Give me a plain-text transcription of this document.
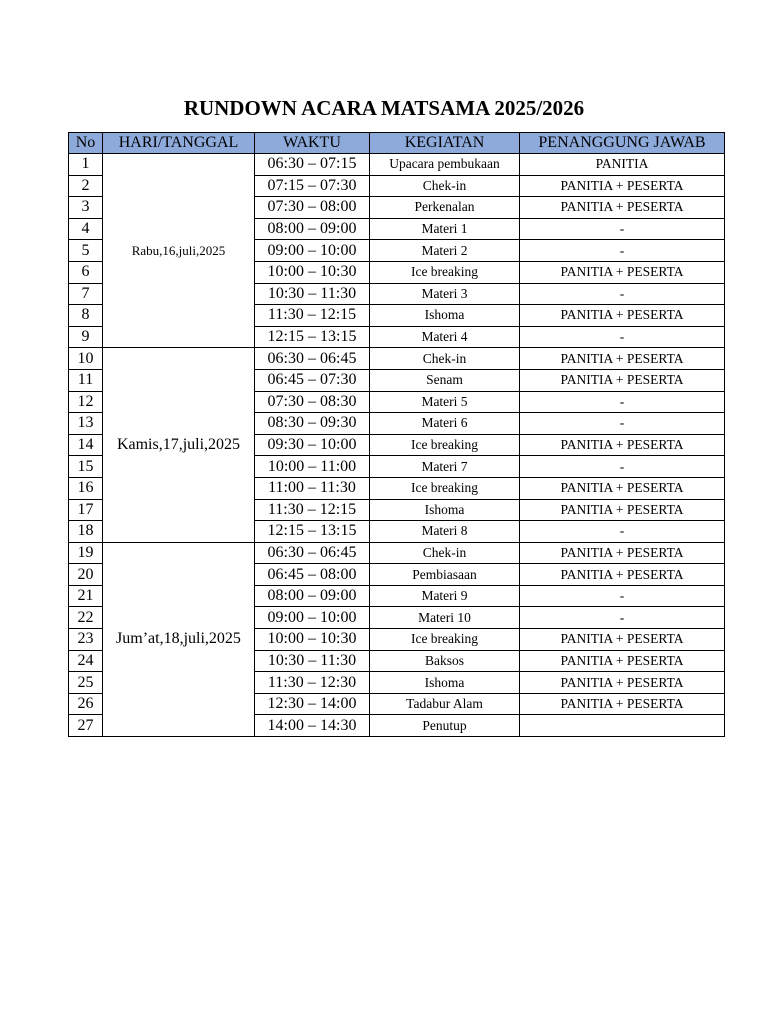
RUNDOWN ACARA MATSAMA 2025/2026
No	HARI/TANGGAL	WAKTU	KEGIATAN	PENANGGUNG JAWAB
1	Rabu,16,juli,2025	06:30 – 07:15	Upacara pembukaan	PANITIA
2		07:15 – 07:30	Chek-in	PANITIA + PESERTA
3		07:30 – 08:00	Perkenalan	PANITIA + PESERTA
4		08:00 – 09:00	Materi 1	-
5		09:00 – 10:00	Materi 2	-
6		10:00 – 10:30	Ice breaking	PANITIA + PESERTA
7		10:30 – 11:30	Materi 3	-
8		11:30 – 12:15	Ishoma	PANITIA + PESERTA
9		12:15 – 13:15	Materi 4	-
10	Kamis,17,juli,2025	06:30 – 06:45	Chek-in	PANITIA + PESERTA
11		06:45 – 07:30	Senam	PANITIA + PESERTA
12		07:30 – 08:30	Materi 5	-
13		08:30 – 09:30	Materi 6	-
14		09:30 – 10:00	Ice breaking	PANITIA + PESERTA
15		10:00 – 11:00	Materi 7	-
16		11:00 – 11:30	Ice breaking	PANITIA + PESERTA
17		11:30 – 12:15	Ishoma	PANITIA + PESERTA
18		12:15 – 13:15	Materi 8	-
19	Jum’at,18,juli,2025	06:30 – 06:45	Chek-in	PANITIA + PESERTA
20		06:45 – 08:00	Pembiasaan	PANITIA + PESERTA
21		08:00 – 09:00	Materi 9	-
22		09:00 – 10:00	Materi 10	-
23		10:00 – 10:30	Ice breaking	PANITIA + PESERTA
24		10:30 – 11:30	Baksos	PANITIA + PESERTA
25		11:30 – 12:30	Ishoma	PANITIA + PESERTA
26		12:30 – 14:00	Tadabur Alam	PANITIA + PESERTA
27		14:00 – 14:30	Penutup	
